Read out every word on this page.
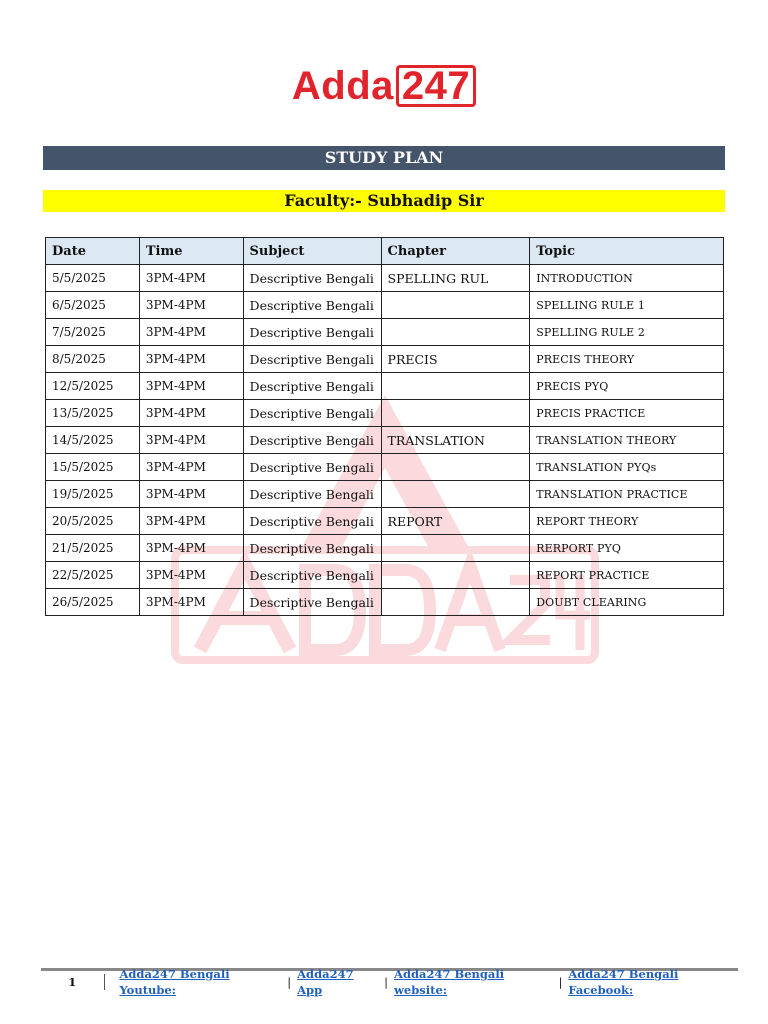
Adda 247
STUDY PLAN
Faculty:- Subhadip Sir
Date	Time	Subject	Chapter	Topic
5/5/2025	3PM-4PM	Descriptive Bengali	SPELLING RUL	INTRODUCTION
6/5/2025	3PM-4PM	Descriptive Bengali		SPELLING RULE 1
7/5/2025	3PM-4PM	Descriptive Bengali		SPELLING RULE 2
8/5/2025	3PM-4PM	Descriptive Bengali	PRECIS	PRECIS THEORY
12/5/2025	3PM-4PM	Descriptive Bengali		PRECIS PYQ
13/5/2025	3PM-4PM	Descriptive Bengali		PRECIS PRACTICE
14/5/2025	3PM-4PM	Descriptive Bengali	TRANSLATION	TRANSLATION THEORY
15/5/2025	3PM-4PM	Descriptive Bengali		TRANSLATION PYQs
19/5/2025	3PM-4PM	Descriptive Bengali		TRANSLATION PRACTICE
20/5/2025	3PM-4PM	Descriptive Bengali	REPORT	REPORT THEORY
21/5/2025	3PM-4PM	Descriptive Bengali		RERPORT PYQ
22/5/2025	3PM-4PM	Descriptive Bengali		REPORT PRACTICE
26/5/2025	3PM-4PM	Descriptive Bengali		DOUBT CLEARING
1
Adda247 Bengali Youtube:
|
Adda247 App
|
Adda247 Bengali website:
|
Adda247 Bengali Facebook:
